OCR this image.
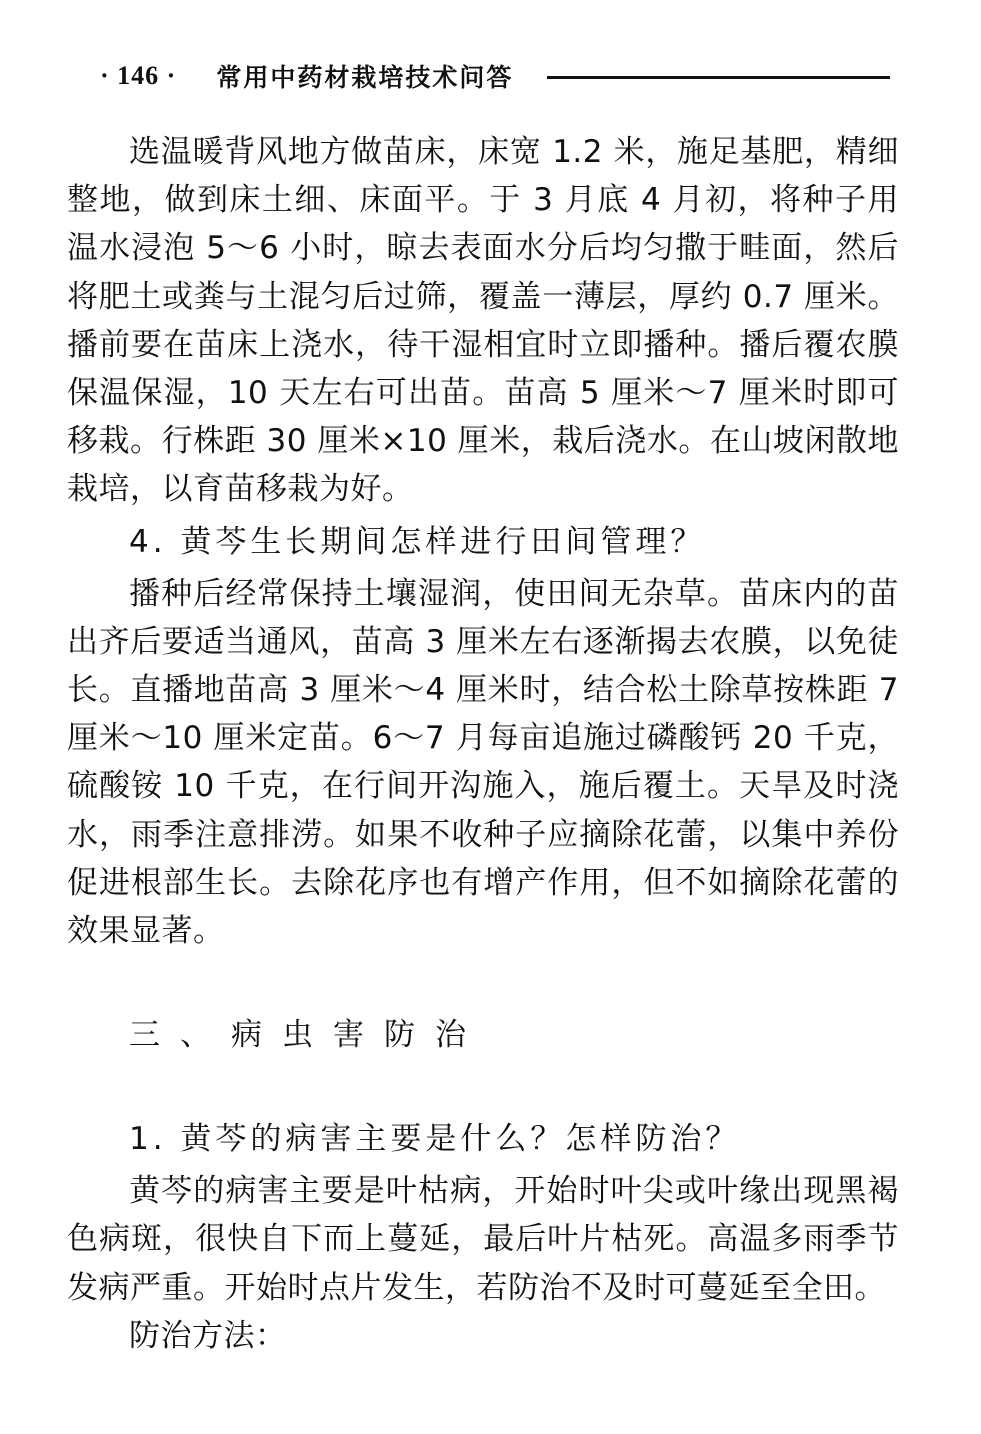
· 146 · 常用中药材栽培技术问答

选温暖背风地方做苗床，床宽 1.2 米，施足基肥，精细整地，做到床土细、床面平。于 3 月底 4 月初，将种子用温水浸泡 5～6 小时，晾去表面水分后均匀撒于畦面，然后将肥土或粪与土混匀后过筛，覆盖一薄层，厚约 0.7 厘米。播前要在苗床上浇水，待干湿相宜时立即播种。播后覆农膜保温保湿，10 天左右可出苗。苗高 5 厘米～7 厘米时即可移栽。行株距 30 厘米×10 厘米，栽后浇水。在山坡闲散地栽培，以育苗移栽为好。

4. 黄芩生长期间怎样进行田间管理？

播种后经常保持土壤湿润，使田间无杂草。苗床内的苗出齐后要适当通风，苗高 3 厘米左右逐渐揭去农膜，以免徒长。直播地苗高 3 厘米～4 厘米时，结合松土除草按株距 7 厘米～10 厘米定苗。6～7 月每亩追施过磷酸钙 20 千克，硫酸铵 10 千克，在行间开沟施入，施后覆土。天旱及时浇水，雨季注意排涝。如果不收种子应摘除花蕾，以集中养份促进根部生长。去除花序也有增产作用，但不如摘除花蕾的效果显著。

三、病虫害防治

1. 黄芩的病害主要是什么？怎样防治？

黄芩的病害主要是叶枯病，开始时叶尖或叶缘出现黑褐色病斑，很快自下而上蔓延，最后叶片枯死。高温多雨季节发病严重。开始时点片发生，若防治不及时可蔓延至全田。

防治方法：
